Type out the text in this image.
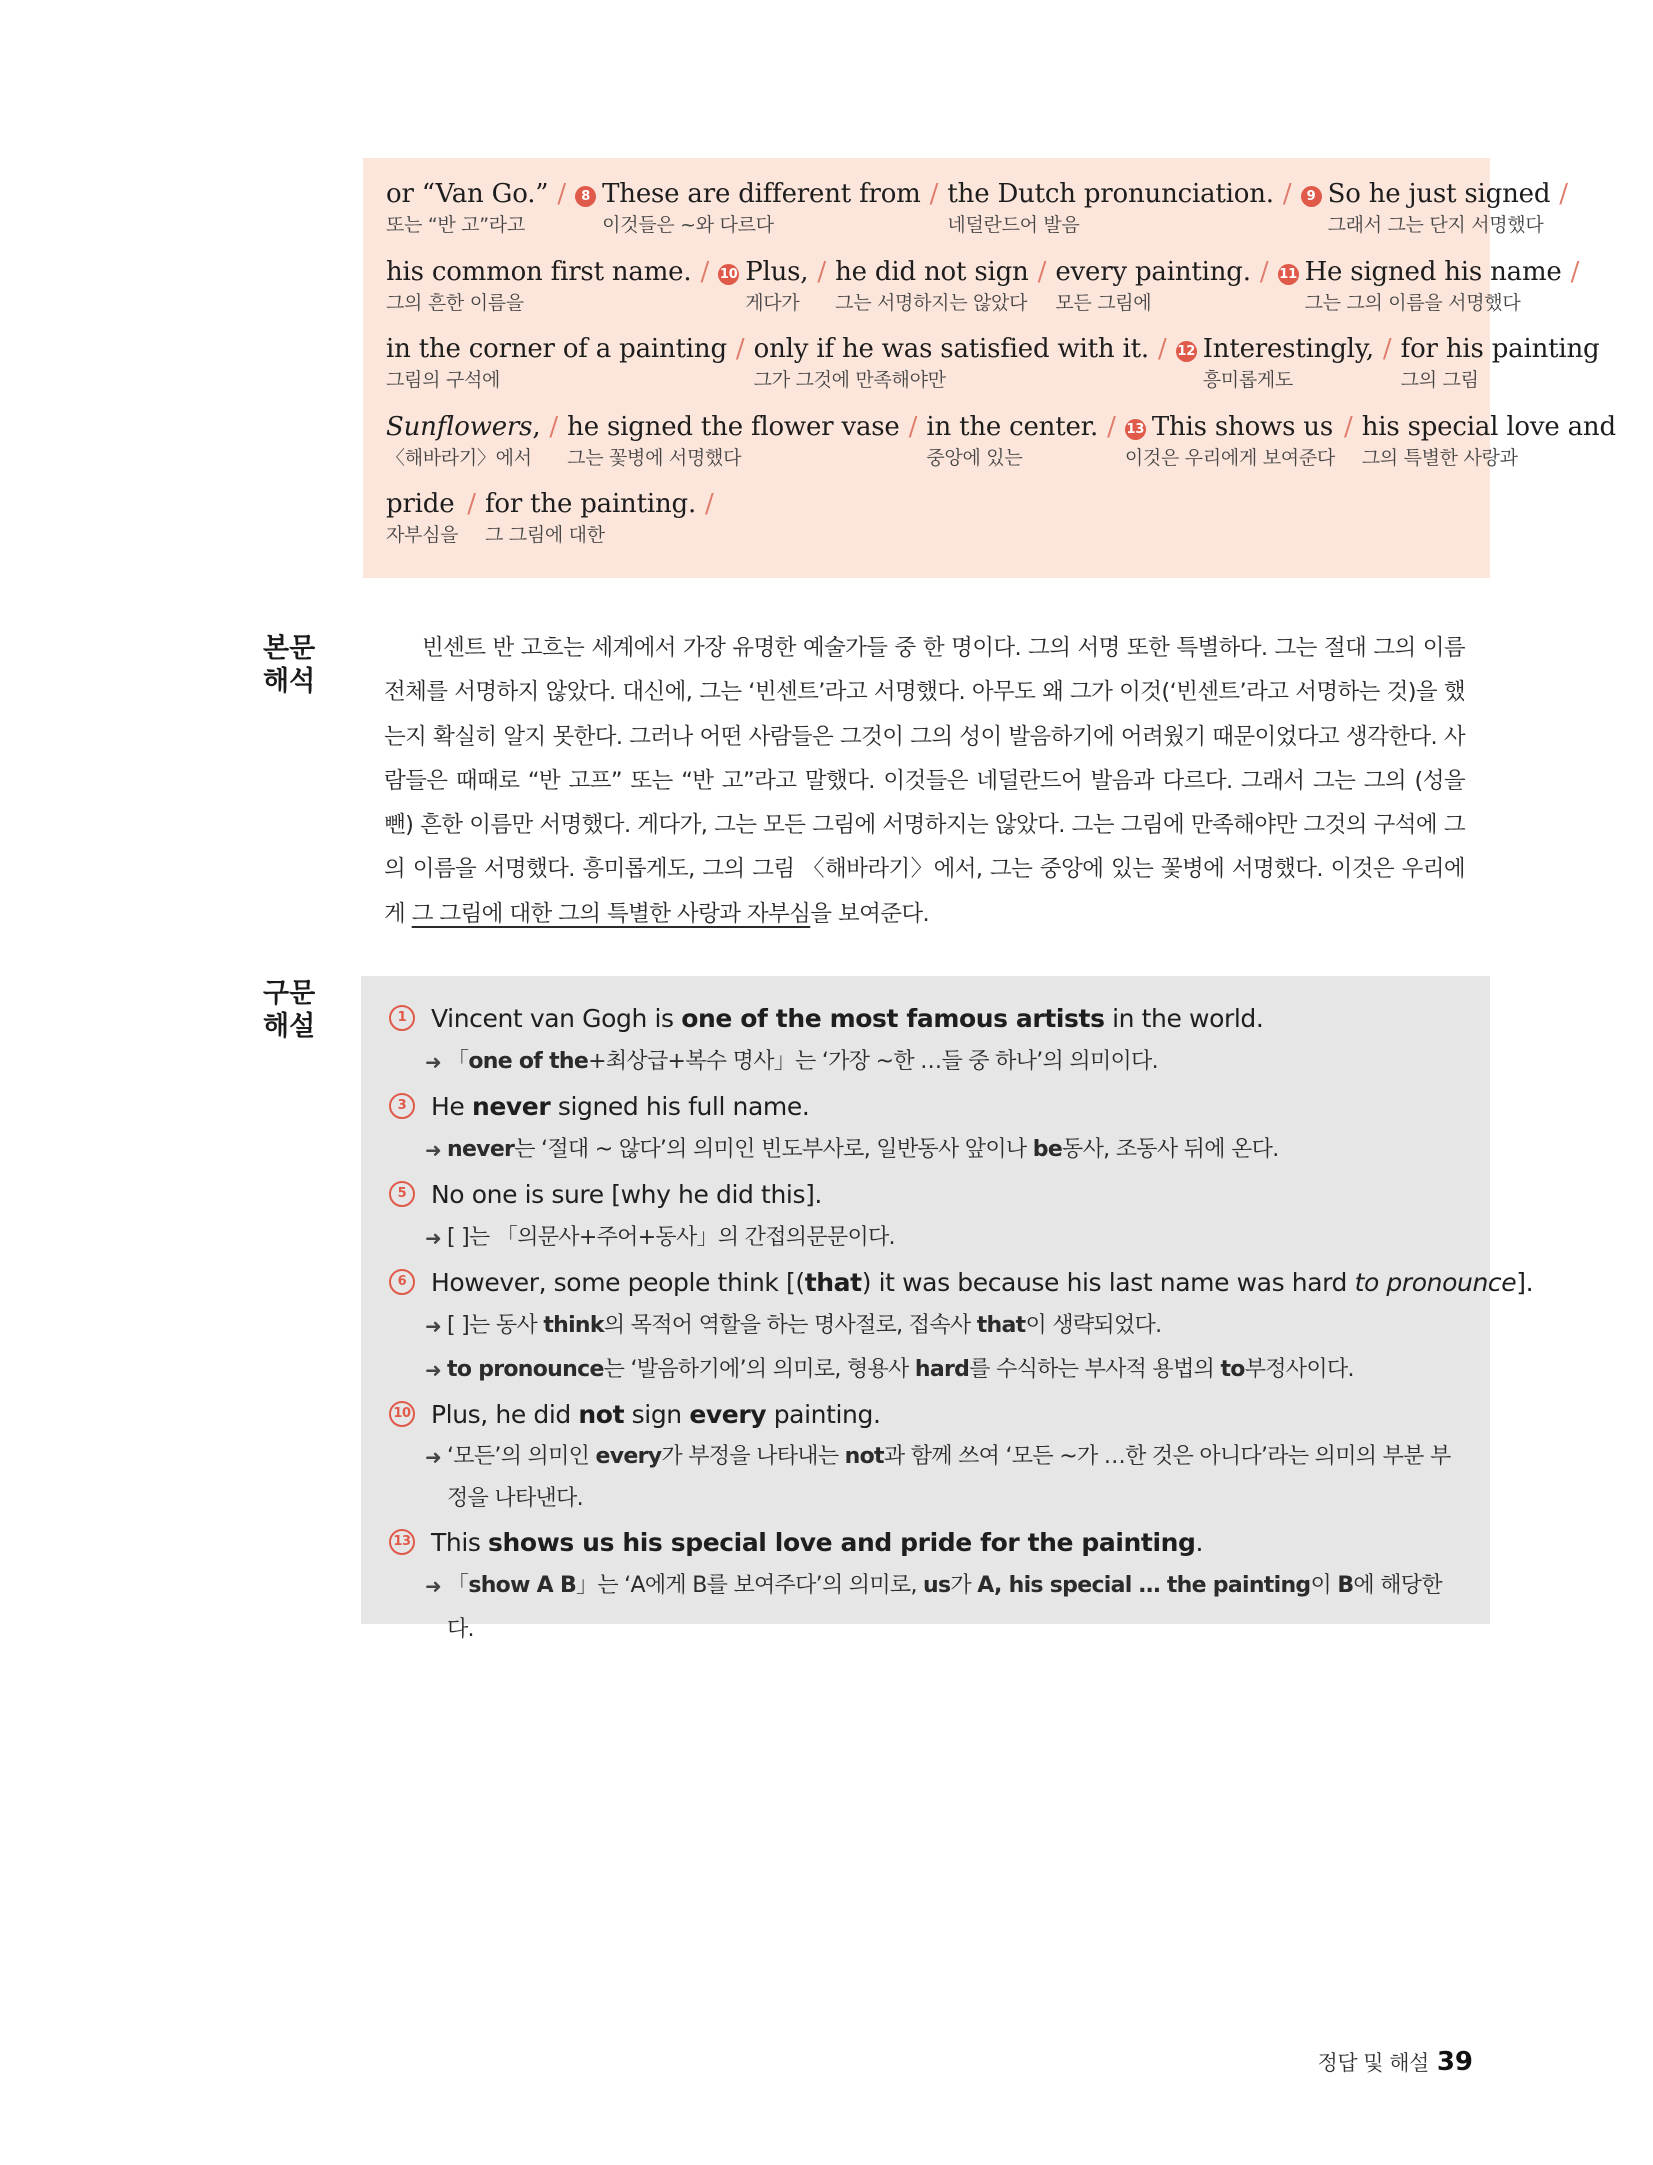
or “Van Go.”
또는 “반 고”라고
/	8 These are different from
이것들은 ~와 다르다
/ the Dutch pronunciation.
네덜란드어 발음
/	9 So he just signed
그래서 그는 단지 서명했다
/
his common first name.
그의 흔한 이름을
/ 10 Plus,
게다가
/ he did not sign
그는 서명하지는 않았다
/ every painting.
모든 그림에
/ 11 He signed his name
그는 그의 이름을 서명했다
/
in the corner of a painting
그림의 구석에
/ only if he was satisfied with it.
그가 그것에 만족해야만
/ 12 Interestingly,
흥미롭게도
/ for his painting
그의 그림
Sunflowers,
〈해바라기〉에서
/ he signed the flower vase
그는 꽃병에 서명했다
/ in the center.
중앙에 있는
/ 13 This shows us
이것은 우리에게 보여준다
/ his special love and
그의 특별한 사랑과
pride
자부심을
/ for the painting.
그 그림에 대한
/
본문
해석
빈센트 반 고흐는 세계에서 가장 유명한 예술가들 중 한 명이다. 그의 서명 또한 특별하다. 그는 절대 그의 이름 전체를 서명하지 않았다. 대신에, 그는 ‘빈센트’라고 서명했다. 아무도 왜 그가 이것(‘빈센트’라고 서명하는 것)을 했는지 확실히 알지 못한다. 그러나 어떤 사람들은 그것이 그의 성이 발음하기에 어려웠기 때문이었다고 생각한다. 사람들은 때때로 “반 고프” 또는 “반 고”라고 말했다. 이것들은 네덜란드어 발음과 다르다. 그래서 그는 그의 (성을 뺀) 흔한 이름만 서명했다. 게다가, 그는 모든 그림에 서명하지는 않았다. 그는 그림에 만족해야만 그것의 구석에 그의 이름을 서명했다. 흥미롭게도, 그의 그림 〈해바라기〉에서, 그는 중앙에 있는 꽃병에 서명했다. 이것은 우리에게 그 그림에 대한 그의 특별한 사랑과 자부심을 보여준다.
구문
해설	1 Vincent van Gogh is one of the most famous artists in the world.
➜ 「one of the+최상급+복수 명사」는 ‘가장 ~한 …들 중 하나’의 의미이다.
3 He never signed his full name.
➜ never는 ‘절대 ~ 않다’의 의미인 빈도부사로, 일반동사 앞이나 be동사, 조동사 뒤에 온다.
5 No one is sure [why he did this].
➜ [ ]는 「의문사+주어+동사」의 간접의문문이다.
6 However, some people think [(that) it was because his last name was hard to pronounce].
➜ [ ]는 동사 think의 목적어 역할을 하는 명사절로, 접속사 that이 생략되었다.
➜ to pronounce는 ‘발음하기에’의 의미로, 형용사 hard를 수식하는 부사적 용법의 to부정사이다.
10 Plus, he did not sign every painting.
➜ ‘모든’의 의미인 every가 부정을 나타내는 not과 함께 쓰여 ‘모든 ~가 …한 것은 아니다’라는 의미의 부분 부정을 나타낸다.
13 This shows us his special love and pride for the painting.
➜ 「show A B」는 ‘A에게 B를 보여주다’의 의미로, us가 A, his special … the painting이 B에 해당한다.
정답 및 해설 39
